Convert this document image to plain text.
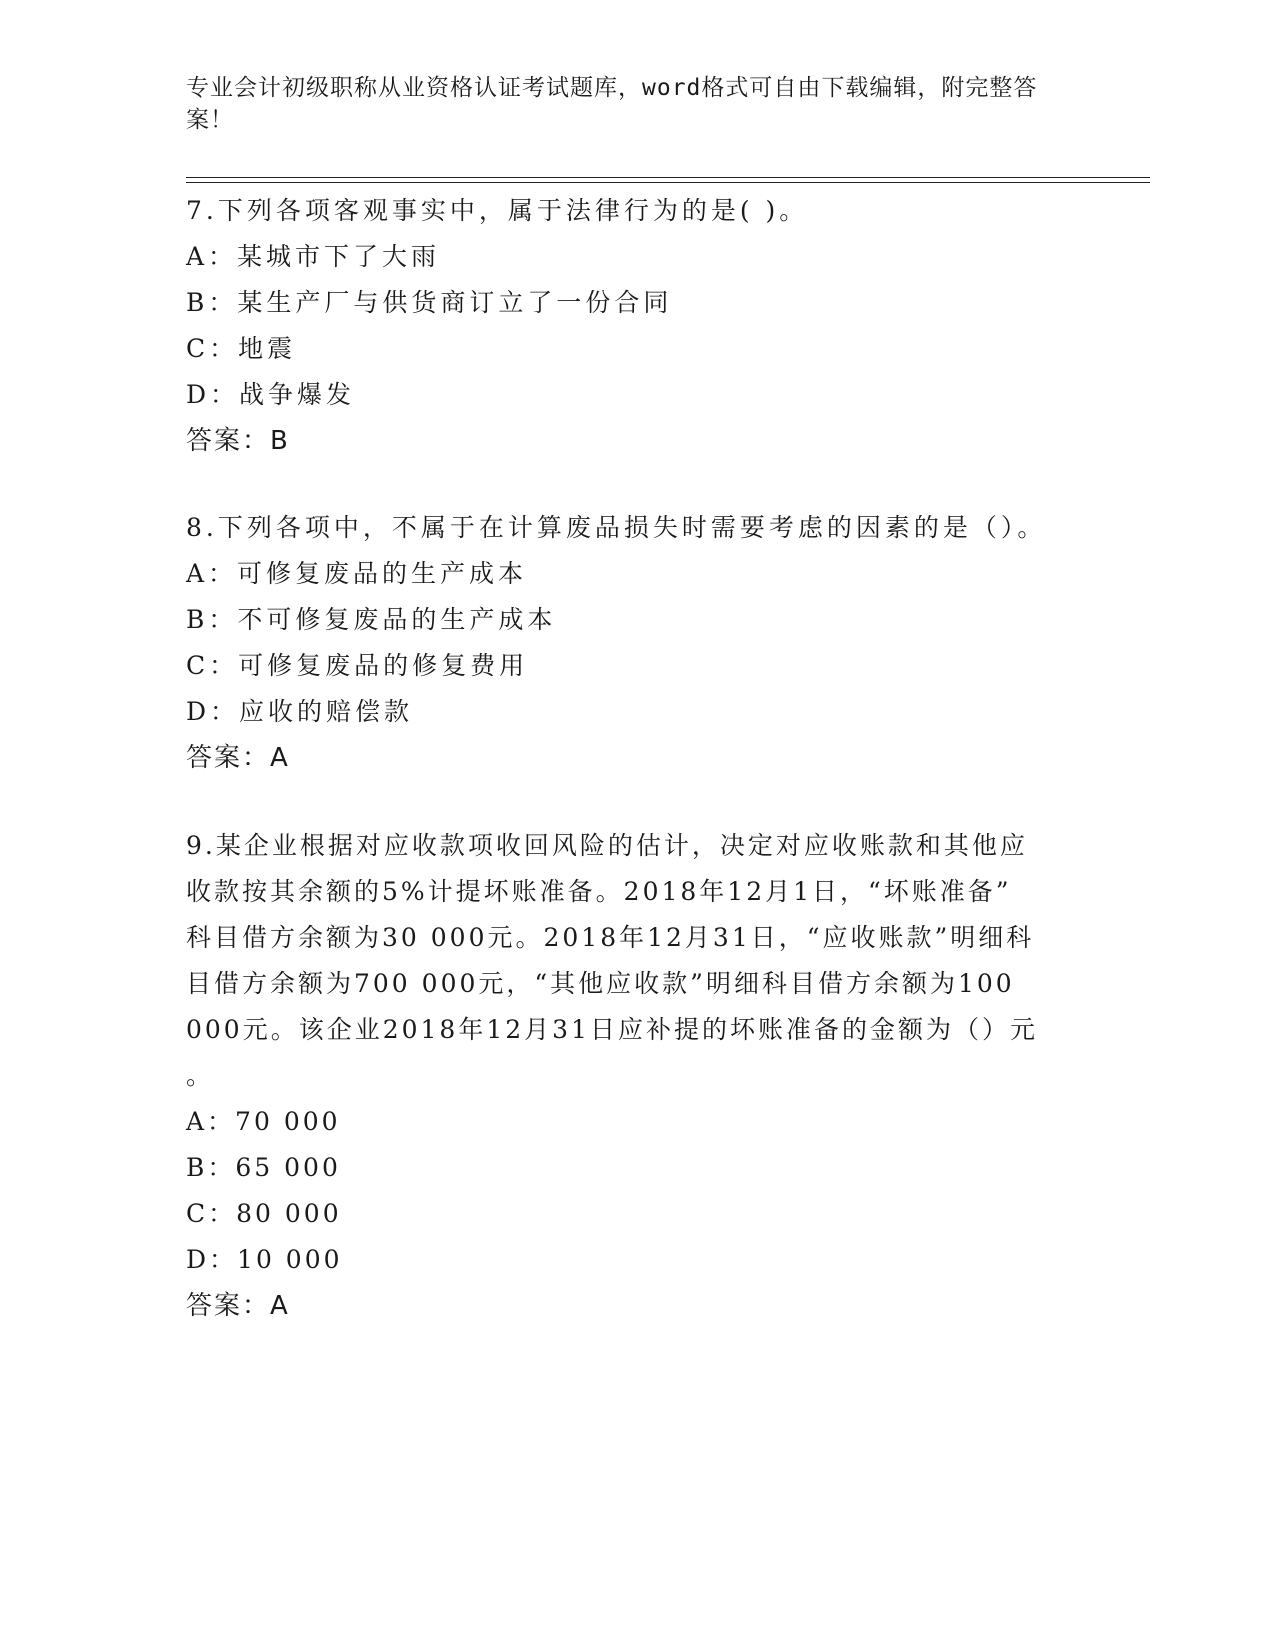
专业会计初级职称从业资格认证考试题库，word格式可自由下载编辑，附完整答
案！
7.下列各项客观事实中，属于法律行为的是( )。
A：某城市下了大雨
B：某生产厂与供货商订立了一份合同
C：地震
D：战争爆发
答案：B
8.下列各项中，不属于在计算废品损失时需要考虑的因素的是（）。
A：可修复废品的生产成本
B：不可修复废品的生产成本
C：可修复废品的修复费用
D：应收的赔偿款
答案：A
9.某企业根据对应收款项收回风险的估计，决定对应收账款和其他应
收款按其余额的5%计提坏账准备。2018年12月1日，“坏账准备”
科目借方余额为30 000元。2018年12月31日，“应收账款”明细科
目借方余额为700 000元，“其他应收款”明细科目借方余额为100
000元。该企业2018年12月31日应补提的坏账准备的金额为（）元
。
A：70 000
B：65 000
C：80 000
D：10 000
答案：A
